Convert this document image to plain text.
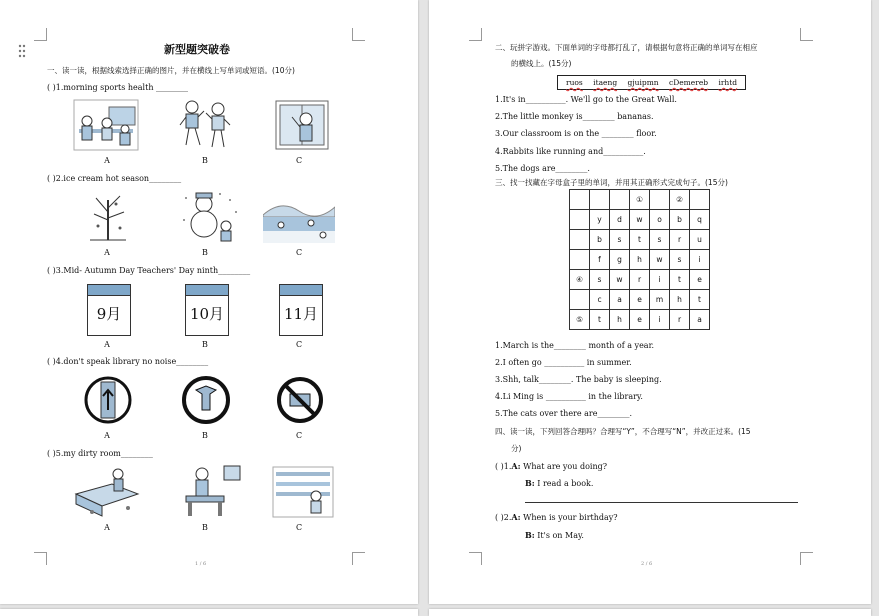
新型题突破卷
一、读一读，根据线索选择正确的图片，并在横线上写单词或短语。(10分)
( )1.morning sports health ________
A	B	C
( )2.ice cream hot season________
A	B	C
( )3.Mid- Autumn Day Teachers' Day ninth________
9月	10月	11月
A	B	C
( )4.don't speak library no noise________
A	B	C
( )5.my dirty room________
A	B	C
1 / 6
二、玩拼字游戏。下面单词的字母都打乱了，请根据句意将正确的单词写在相应
的横线上。(15分)
ruos itaeng gjuipmn cDemereb irhtd
1.It's in__________. We'll go to the Great Wall.
2.The little monkey is________ bananas.
3.Our classroom is on the ________ floor.
4.Rabbits like running and__________.
5.The dogs are________.
三、找一找藏在字母盒子里的单词，并用其正确形式完成句子。(15分)
			①		②	
	y	d	w	o	b	q
	b	s	t	s	r	u
	f	g	h	w	s	i
④	s	w	r	i	t	e
	c	a	e	m	h	t
⑤	t	h	e	i	r	a
1.March is the________ month of a year.
2.I often go __________ in summer.
3.Shh, talk________. The baby is sleeping.
4.Li Ming is __________ in the library.
5.The cats over there are________.
四、读一读，下列回答合理吗？合理写“Y”，不合理写“N”，并改正过来。(15
分)
( )1.A: What are you doing?
B: I read a book.
( )2.A: When is your birthday?
B: It's on May.
2 / 6
